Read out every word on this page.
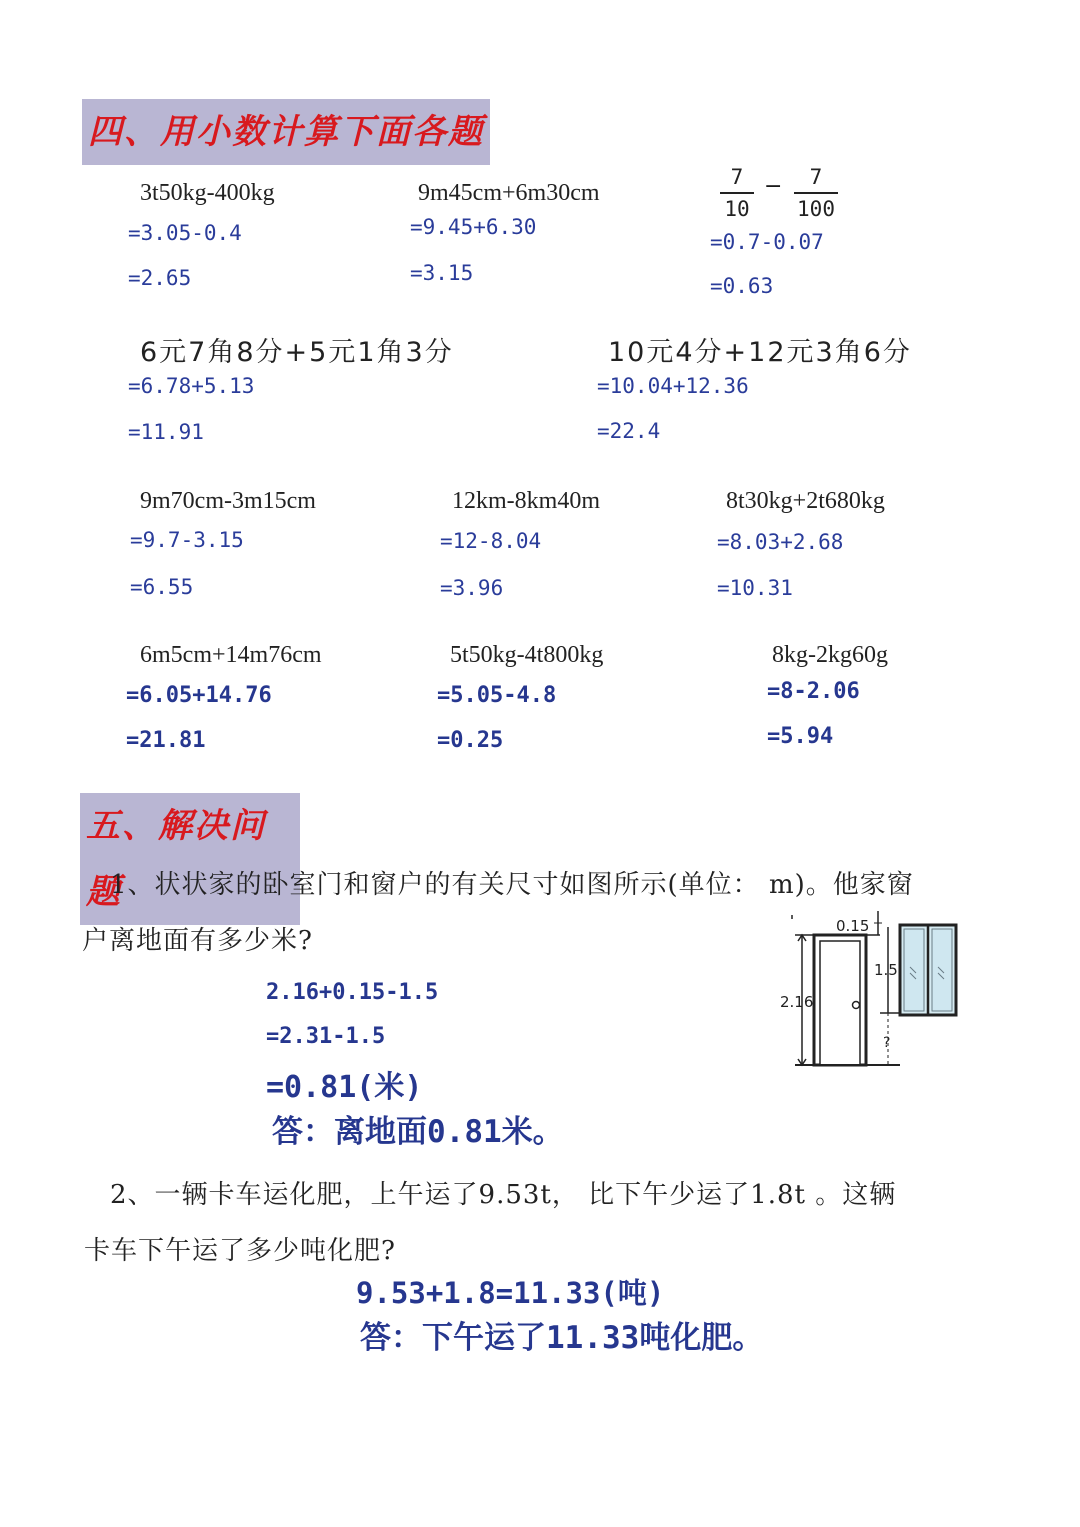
四、用小数计算下面各题
3t50kg-400kg
=3.05-0.4
=2.65
9m45cm+6m30cm
=9.45+6.30
=3.15
7
10
−	7
100
=0.7-0.07
=0.63
6元7角8分+5元1角3分
=6.78+5.13
=11.91
10元4分+12元3角6分
=10.04+12.36
=22.4
9m70cm-3m15cm
=9.7-3.15
=6.55
12km-8km40m
=12-8.04
=3.96
8t30kg+2t680kg
=8.03+2.68
=10.31
6m5cm+14m76cm
=6.05+14.76
=21.81
5t50kg-4t800kg
=5.05-4.8
=0.25
8kg-2kg60g
=8-2.06
=5.94
五、解决问题
1、状状家的卧室门和窗户的有关尺寸如图所示(单位： m)。他家窗
户离地面有多少米?
2.16+0.15-1.5
=2.31-1.5
=0.81(米)
答：离地面0.81米。
2.16
0.15
1.5
?
2、一辆卡车运化肥，上午运了9.53t， 比下午少运了1.8t 。这辆
卡车下午运了多少吨化肥?
9.53+1.8=11.33(吨)
答：下午运了11.33吨化肥。
